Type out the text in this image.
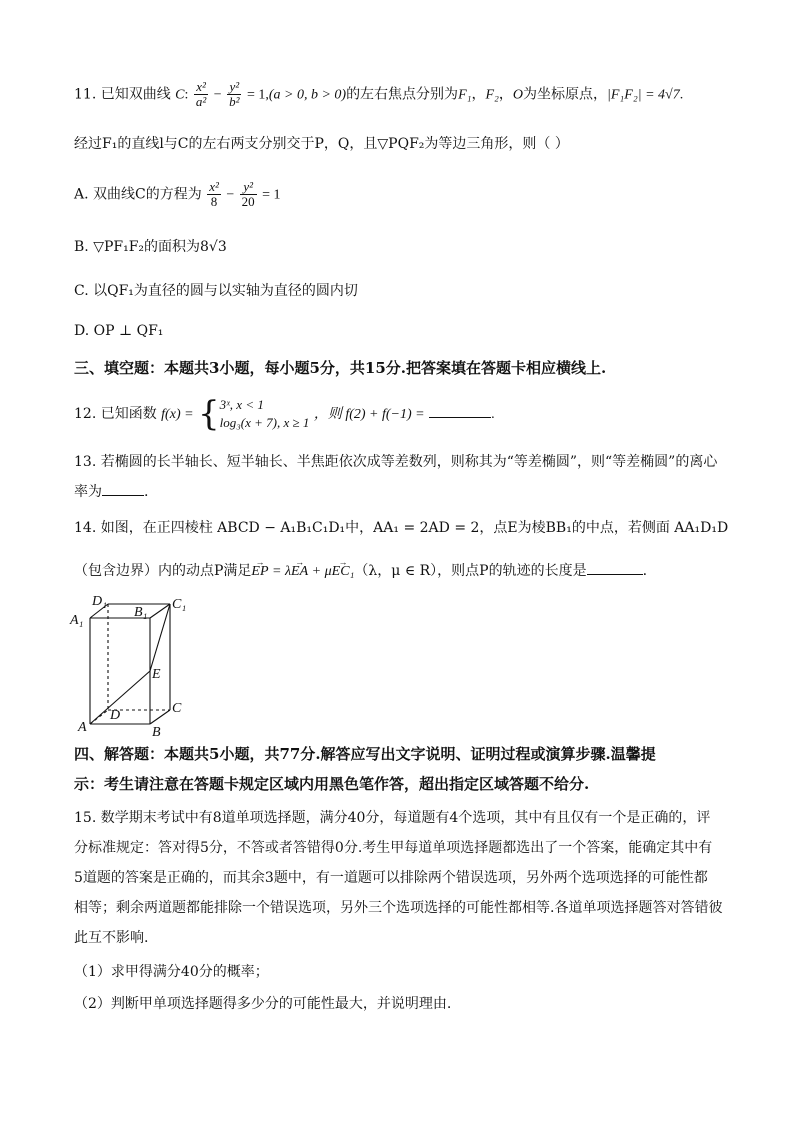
11. 已知双曲线 C: $\frac{\text{x²}}{\text{a²}} - \frac{\text{y²}}{\text{b²}} = 1,(a > 0$, b > 0)的左右焦点分别为F₁，F₂，O为坐标原点，|F₁F₂| = 4√7.
经过F₁的直线l与C的左右两支分别交于P，Q，且▽PQF₂为等边三角形，则（ ）
A. 双曲线C的方程为 $\frac{\text{x²}}{8} - \frac{\text{y²}}{20} = 1$
B. ▽PF₁F₂的面积为8√3
C. 以QF₁为直径的圆与以实轴为直径的圆内切
D. OP ⊥ QF₁
三、填空题：本题共3小题，每小题5分，共15分.把答案填在答题卡相应横线上.
12. 已知函数 f(x) = { 3ˣ, x < 1
log₃(x + 7), x ≥ 1
，则 f(2) + f(−1) =	.
13. 若椭圆的长半轴长、短半轴长、半焦距依次成等差数列，则称其为“等差椭圆”，则“等差椭圆”的离心
率为	.
14. 如图，在正四棱柱 ABCD − A₁B₁C₁D₁中，AA₁ = 2AD = 2，点E为棱BB₁的中点，若侧面 AA₁D₁D
（包含边界）内的动点P满足→ EP = λ→ EA + μ→ EC₁（λ，μ ∈ R），则点P的轨迹的长度是	.
A₁
D₁
B₁
C₁
E
A
D
B
C
四、解答题：本题共5小题，共77分.解答应写出文字说明、证明过程或演算步骤.温馨提
示：考生请注意在答题卡规定区域内用黑色笔作答，超出指定区域答题不给分.
15. 数学期末考试中有8道单项选择题，满分40分，每道题有4个选项，其中有且仅有一个是正确的，评
分标准规定：答对得5分，不答或者答错得0分.考生甲每道单项选择题都选出了一个答案，能确定其中有
5道题的答案是正确的，而其余3题中，有一道题可以排除两个错误选项，另外两个选项选择的可能性都
相等；剩余两道题都能排除一个错误选项，另外三个选项选择的可能性都相等.各道单项选择题答对答错彼
此互不影响.
（1）求甲得满分40分的概率；
（2）判断甲单项选择题得多少分的可能性最大，并说明理由.
